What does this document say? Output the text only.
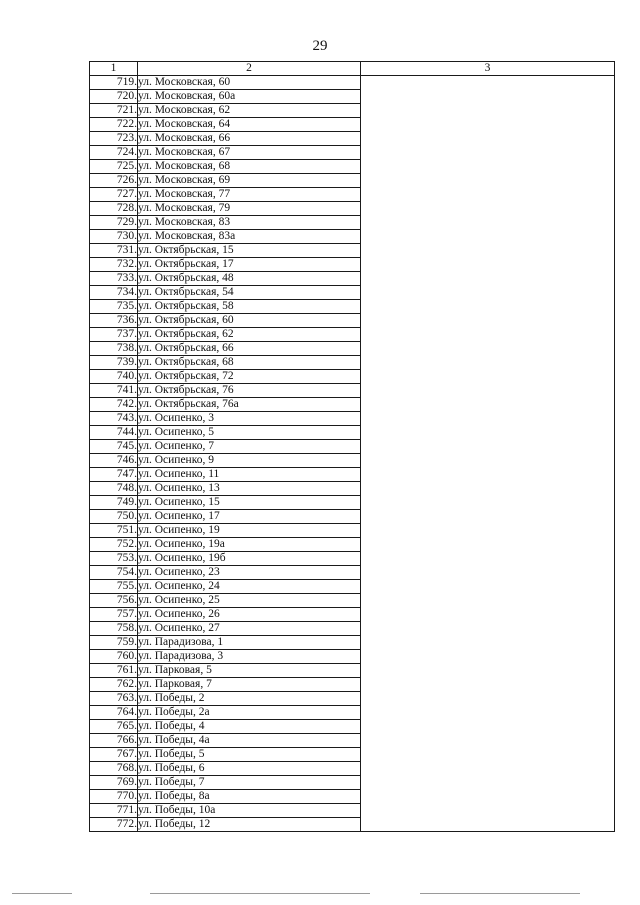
29
1	2	3
719.	ул. Московская, 60	
720.	ул. Московская, 60а	
721.	ул. Московская, 62	
722.	ул. Московская, 64	
723.	ул. Московская, 66	
724.	ул. Московская, 67	
725.	ул. Московская, 68	
726.	ул. Московская, 69	
727.	ул. Московская, 77	
728.	ул. Московская, 79	
729.	ул. Московская, 83	
730.	ул. Московская, 83а	
731.	ул. Октябрьская, 15	
732.	ул. Октябрьская, 17	
733.	ул. Октябрьская, 48	
734.	ул. Октябрьская, 54	
735.	ул. Октябрьская, 58	
736.	ул. Октябрьская, 60	
737.	ул. Октябрьская, 62	
738.	ул. Октябрьская, 66	
739.	ул. Октябрьская, 68	
740.	ул. Октябрьская, 72	
741.	ул. Октябрьская, 76	
742.	ул. Октябрьская, 76а	
743.	ул. Осипенко, 3	
744.	ул. Осипенко, 5	
745.	ул. Осипенко, 7	
746.	ул. Осипенко, 9	
747.	ул. Осипенко, 11	
748.	ул. Осипенко, 13	
749.	ул. Осипенко, 15	
750.	ул. Осипенко, 17	
751.	ул. Осипенко, 19	
752.	ул. Осипенко, 19а	
753.	ул. Осипенко, 19б	
754.	ул. Осипенко, 23	
755.	ул. Осипенко, 24	
756.	ул. Осипенко, 25	
757.	ул. Осипенко, 26	
758.	ул. Осипенко, 27	
759.	ул. Парадизова, 1	
760.	ул. Парадизова, 3	
761.	ул. Парковая, 5	
762.	ул. Парковая, 7	
763.	ул. Победы, 2	
764.	ул. Победы, 2а	
765.	ул. Победы, 4	
766.	ул. Победы, 4а	
767.	ул. Победы, 5	
768.	ул. Победы, 6	
769.	ул. Победы, 7	
770.	ул. Победы, 8а	
771.	ул. Победы, 10а	
772.	ул. Победы, 12	
